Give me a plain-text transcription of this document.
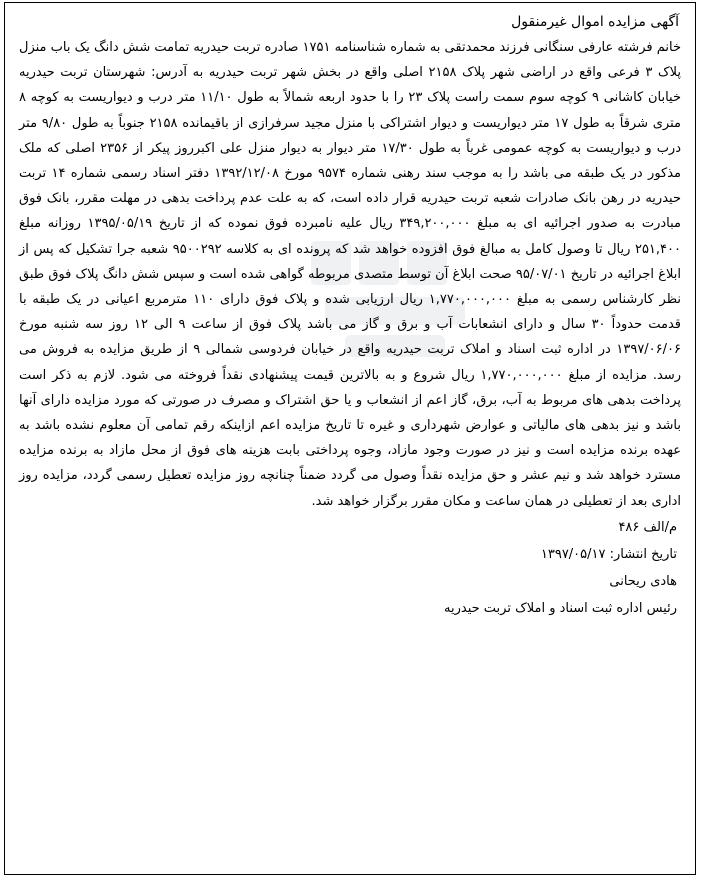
آگهی مزایده اموال غیرمنقول

خانم فرشته عارفی سنگانی فرزند محمدتقی به شماره شناسنامه ۱۷۵۱ صادره تربت حیدریه تمامت شش دانگ یک باب منزل پلاک ۳ فرعی واقع در اراضی شهر پلاک ۲۱۵۸ اصلی واقع در بخش شهر تربت حیدریه به آدرس: شهرستان تربت حیدریه خیابان کاشانی ۹ کوچه سوم سمت راست پلاک ۲۳ را با حدود اربعه شمالاً به طول ۱۱/۱۰ متر درب و دیواریست به کوچه ۸ متری شرقاً به طول ۱۷ متر دیواریست و دیوار اشتراکی با منزل مجید سرفرازی از باقیمانده ۲۱۵۸ جنوباً به طول ۹/۸۰ متر درب و دیواریست به کوچه عمومی غرباً به طول ۱۷/۳۰ متر دیوار به دیوار منزل علی اکبرروز پیکر از ۲۳۵۶ اصلی که ملک مذکور در یک طبقه می باشد را به موجب سند رهنی شماره ۹۵۷۴ مورخ ۱۳۹۲/۱۲/۰۸ دفتر اسناد رسمی شماره ۱۴ تربت حیدریه در رهن بانک صادرات شعبه تربت حیدریه قرار داده است، که به علت عدم پرداخت بدهی در مهلت مقرر، بانک فوق مبادرت به صدور اجرائیه ای به مبلغ ۳۴۹,۲۰۰,۰۰۰ ریال علیه نامبرده فوق نموده که از تاریخ ۱۳۹۵/۰۵/۱۹ روزانه مبلغ ۲۵۱,۴۰۰ ریال تا وصول کامل به مبالغ فوق افزوده خواهد شد که پرونده ای به کلاسه ۹۵۰۰۲۹۲ شعبه جرا تشکیل که پس از ابلاغ اجرائیه در تاریخ ۹۵/۰۷/۰۱ صحت ابلاغ آن توسط متصدی مربوطه گواهی شده است و سپس شش دانگ پلاک فوق طبق نظر کارشناس رسمی به مبلغ ۱,۷۷۰,۰۰۰,۰۰۰ ریال ارزیابی شده و پلاک فوق دارای ۱۱۰ مترمربع اعیانی در یک طبقه با قدمت حدوداً ۳۰ سال و دارای انشعابات آب و برق و گاز می باشد پلاک فوق از ساعت ۹ الی ۱۲ روز سه شنبه مورخ ۱۳۹۷/۰۶/۰۶ در اداره ثبت اسناد و املاک تربت حیدریه واقع در خیابان فردوسی شمالی ۹ از طریق مزایده به فروش می رسد. مزایده از مبلغ ۱,۷۷۰,۰۰۰,۰۰۰ ریال شروع و به بالاترین قیمت پیشنهادی نقداً فروخته می شود. لازم به ذکر است پرداخت بدهی های مربوط به آب، برق، گاز اعم از انشعاب و یا حق اشتراک و مصرف در صورتی که مورد مزایده دارای آنها باشد و نیز بدهی های مالیاتی و عوارض شهرداری و غیره تا تاریخ مزایده اعم ازاینکه رقم تمامی آن معلوم نشده باشد به عهده برنده مزایده است و نیز در صورت وجود مازاد، وجوه پرداختی بابت هزینه های فوق از محل مازاد به برنده مزایده مسترد خواهد شد و نیم عشر و حق مزایده نقداً وصول می گردد ضمناً چنانچه روز مزایده تعطیل رسمی گردد، مزایده روز اداری بعد از تعطیلی در همان ساعت و مکان مقرر برگزار خواهد شد.

م/الف ۴۸۶

تاریخ انتشار: ۱۳۹۷/۰۵/۱۷

هادی ریحانی

رئیس اداره ثبت اسناد و املاک تربت حیدریه
